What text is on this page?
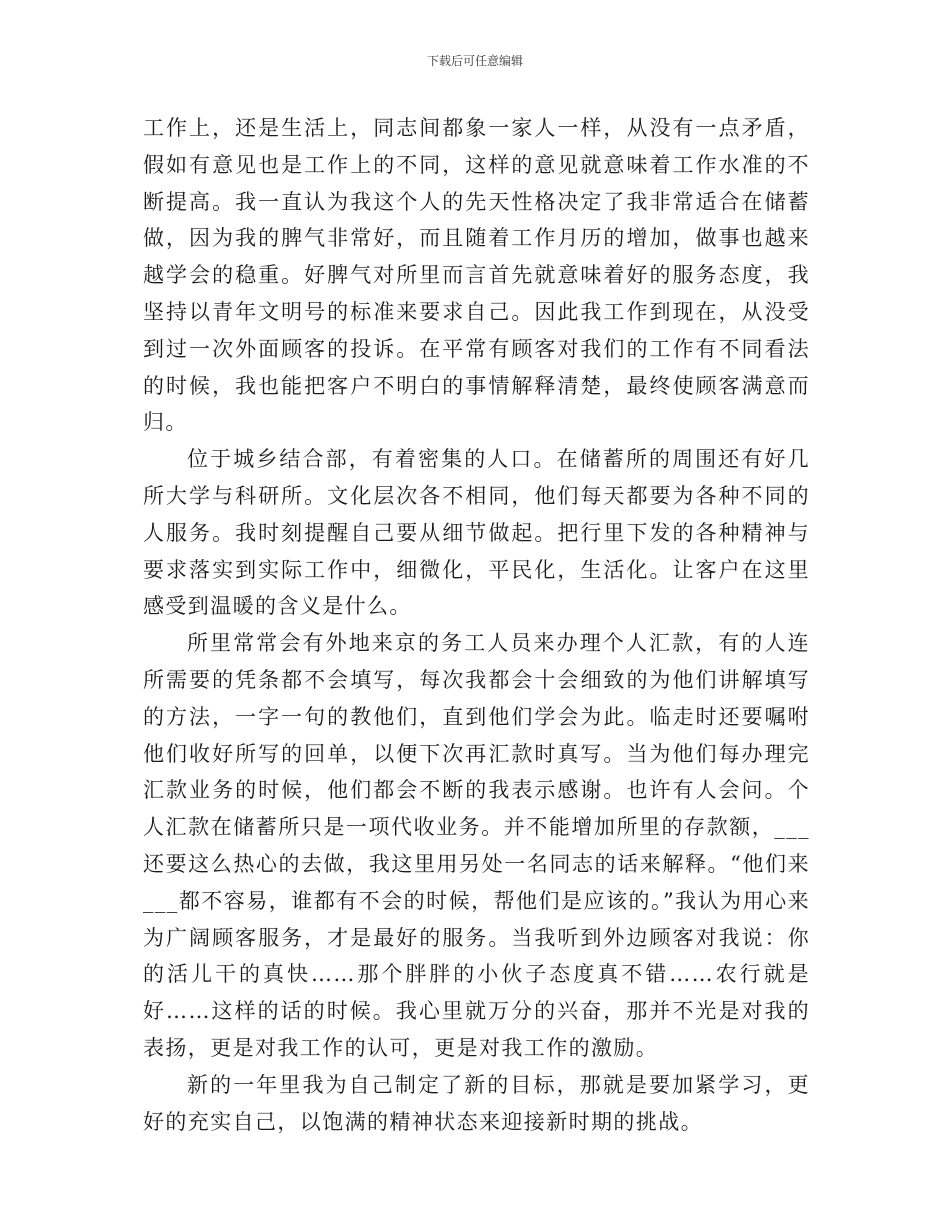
下载后可任意编辑

工作上，还是生活上，同志间都象一家人一样，从没有一点矛盾，假如有意见也是工作上的不同，这样的意见就意味着工作水准的不断提高。我一直认为我这个人的先天性格决定了我非常适合在储蓄做，因为我的脾气非常好，而且随着工作月历的增加，做事也越来越学会的稳重。好脾气对所里而言首先就意味着好的服务态度，我坚持以青年文明号的标准来要求自己。因此我工作到现在，从没受到过一次外面顾客的投诉。在平常有顾客对我们的工作有不同看法的时候，我也能把客户不明白的事情解释清楚，最终使顾客满意而归。

位于城乡结合部，有着密集的人口。在储蓄所的周围还有好几所大学与科研所。文化层次各不相同，他们每天都要为各种不同的人服务。我时刻提醒自己要从细节做起。把行里下发的各种精神与要求落实到实际工作中，细微化，平民化，生活化。让客户在这里感受到温暖的含义是什么。

所里常常会有外地来京的务工人员来办理个人汇款，有的人连所需要的凭条都不会填写，每次我都会十会细致的为他们讲解填写的方法，一字一句的教他们，直到他们学会为此。临走时还要嘱咐他们收好所写的回单，以便下次再汇款时真写。当为他们每办理完汇款业务的时候，他们都会不断的我表示感谢。也许有人会问。个人汇款在储蓄所只是一项代收业务。并不能增加所里的存款额，___还要这么热心的去做，我这里用另处一名同志的话来解释。“他们来___都不容易，谁都有不会的时候，帮他们是应该的。”我认为用心来为广阔顾客服务，才是最好的服务。当我听到外边顾客对我说：你的活儿干的真快……那个胖胖的小伙子态度真不错……农行就是好……这样的话的时候。我心里就万分的兴奋，那并不光是对我的表扬，更是对我工作的认可，更是对我工作的激励。

新的一年里我为自己制定了新的目标，那就是要加紧学习，更好的充实自己，以饱满的精神状态来迎接新时期的挑战。
